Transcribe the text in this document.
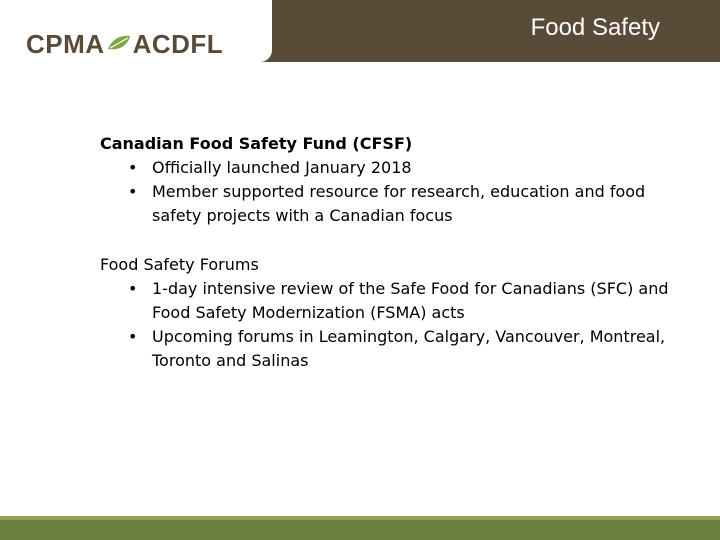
CPMA ACDFL
Food Safety

Canadian Food Safety Fund (CFSF)

• Officially launched January 2018
• Member supported resource for research, education and food safety projects with a Canadian focus

Food Safety Forums

• 1-day intensive review of the Safe Food for Canadians (SFC) and Food Safety Modernization (FSMA) acts
• Upcoming forums in Leamington, Calgary, Vancouver, Montreal, Toronto and Salinas
